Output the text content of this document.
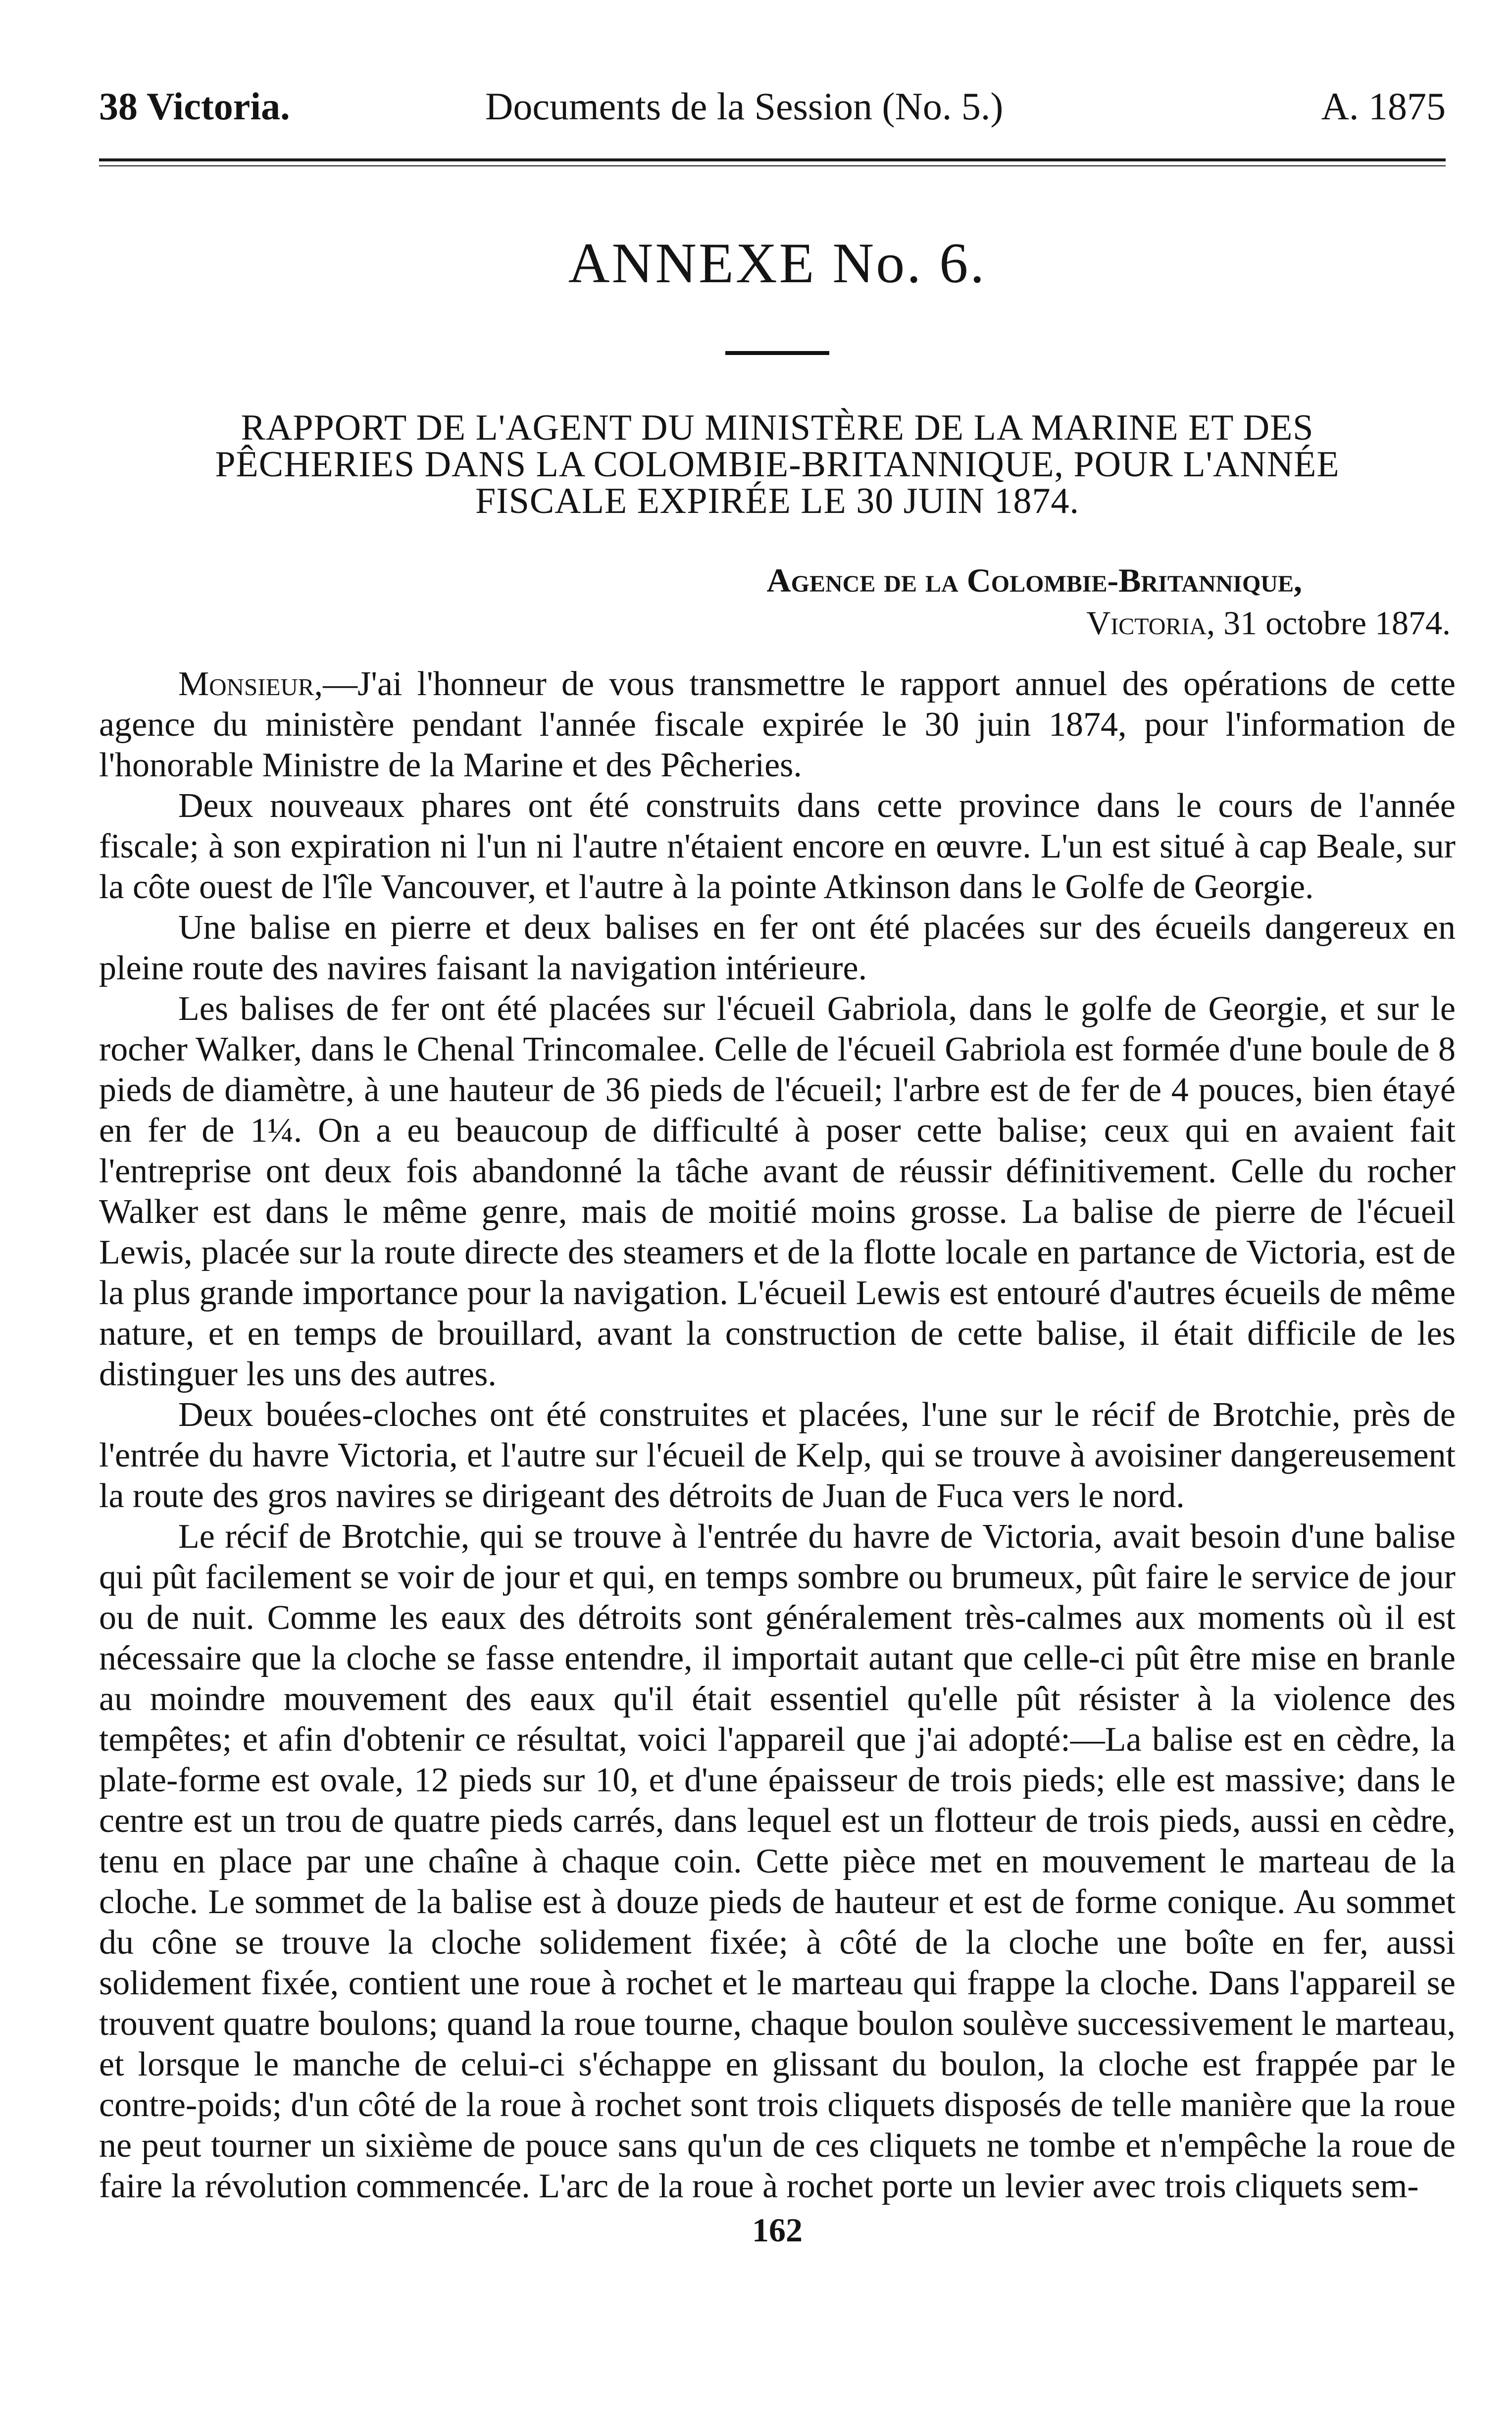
38 Victoria.	Documents de la Session (No. 5.)	A. 1875
ANNEXE No. 6.
RAPPORT DE L'AGENT DU MINISTÈRE DE LA MARINE ET DES
PÊCHERIES DANS LA COLOMBIE-BRITANNIQUE, POUR L'ANNÉE
FISCALE EXPIRÉE LE 30 JUIN 1874.
Agence de la Colombie-Britannique,
Victoria, 31 octobre 1874.

Monsieur,—J'ai l'honneur de vous transmettre le rapport annuel des opérations de cette agence du ministère pendant l'année fiscale expirée le 30 juin 1874, pour l'information de l'honorable Ministre de la Marine et des Pêcheries.

Deux nouveaux phares ont été construits dans cette province dans le cours de l'année fiscale; à son expiration ni l'un ni l'autre n'étaient encore en œuvre. L'un est situé à cap Beale, sur la côte ouest de l'île Vancouver, et l'autre à la pointe Atkinson dans le Golfe de Georgie.

Une balise en pierre et deux balises en fer ont été placées sur des écueils dangereux en pleine route des navires faisant la navigation intérieure.

Les balises de fer ont été placées sur l'écueil Gabriola, dans le golfe de Georgie, et sur le rocher Walker, dans le Chenal Trincomalee. Celle de l'écueil Gabriola est formée d'une boule de 8 pieds de diamètre, à une hauteur de 36 pieds de l'écueil; l'arbre est de fer de 4 pouces, bien étayé en fer de 1¼. On a eu beaucoup de difficulté à poser cette balise; ceux qui en avaient fait l'entreprise ont deux fois abandonné la tâche avant de réussir définitivement. Celle du rocher Walker est dans le même genre, mais de moitié moins grosse. La balise de pierre de l'écueil Lewis, placée sur la route directe des steamers et de la flotte locale en partance de Victoria, est de la plus grande importance pour la navigation. L'écueil Lewis est entouré d'autres écueils de même nature, et en temps de brouillard, avant la construction de cette balise, il était difficile de les distinguer les uns des autres.

Deux bouées-cloches ont été construites et placées, l'une sur le récif de Brotchie, près de l'entrée du havre Victoria, et l'autre sur l'écueil de Kelp, qui se trouve à avoisiner dangereusement la route des gros navires se dirigeant des détroits de Juan de Fuca vers le nord.

Le récif de Brotchie, qui se trouve à l'entrée du havre de Victoria, avait besoin d'une balise qui pût facilement se voir de jour et qui, en temps sombre ou brumeux, pût faire le service de jour ou de nuit. Comme les eaux des détroits sont généralement très-calmes aux moments où il est nécessaire que la cloche se fasse entendre, il importait autant que celle-ci pût être mise en branle au moindre mouvement des eaux qu'il était essentiel qu'elle pût résister à la violence des tempêtes; et afin d'obtenir ce résultat, voici l'appareil que j'ai adopté:—La balise est en cèdre, la plate-forme est ovale, 12 pieds sur 10, et d'une épaisseur de trois pieds; elle est massive; dans le centre est un trou de quatre pieds carrés, dans lequel est un flotteur de trois pieds, aussi en cèdre, tenu en place par une chaîne à chaque coin. Cette pièce met en mouvement le marteau de la cloche. Le sommet de la balise est à douze pieds de hauteur et est de forme conique. Au sommet du cône se trouve la cloche solidement fixée; à côté de la cloche une boîte en fer, aussi solidement fixée, contient une roue à rochet et le marteau qui frappe la cloche. Dans l'appareil se trouvent quatre boulons; quand la roue tourne, chaque boulon soulève successivement le marteau, et lorsque le manche de celui-ci s'échappe en glissant du boulon, la cloche est frappée par le contre-poids; d'un côté de la roue à rochet sont trois cliquets disposés de telle manière que la roue ne peut tourner un sixième de pouce sans qu'un de ces cliquets ne tombe et n'empêche la roue de faire la révolution commencée. L'arc de la roue à rochet porte un levier avec trois cliquets sem-

162
